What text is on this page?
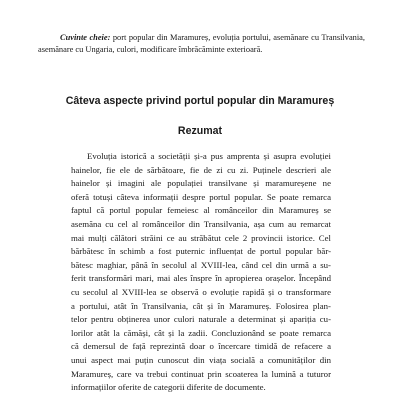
Cuvinte cheie: port popular din Maramureș, evoluția portului, asemănare cu Transilvania, asemănare cu Ungaria, culori, modificare îmbrăcăminte exterioară.

Câteva aspecte privind portul popular din Maramureș
Rezumat
Evoluția istorică a societății și-a pus amprenta și asupra evoluției
hainelor, fie ele de sărbătoare, fie de zi cu zi. Puținele descrieri ale
hainelor și imagini ale populației transilvane și maramureșene ne
oferă totuși câteva informații despre portul popular. Se poate remarca
faptul că portul popular femeiesc al românceilor din Maramureș se
asemăna cu cel al românceilor din Transilvania, așa cum au remarcat
mai mulți călători străini ce au străbătut cele 2 provincii istorice. Cel
bărbătesc în schimb a fost puternic influențat de portul popular băr-
bătesc maghiar, până în secolul al XVIII-lea, când cel din urmă a su-
ferit transformări mari, mai ales înspre în apropierea orașelor. Începând
cu secolul al XVIII-lea se observă o evoluție rapidă și o transformare
a portului, atât în Transilvania, cât și în Maramureș. Folosirea plan-
telor pentru obținerea unor culori naturale a determinat și apariția cu-
lorilor atât la cămăși, cât și la zadii. Concluzionând se poate remarca
că demersul de față reprezintă doar o încercare timidă de refacere a
unui aspect mai puțin cunoscut din viața socială a comunităților din
Maramureș, care va trebui continuat prin scoaterea la lumină a tuturor
informațiilor oferite de categorii diferite de documente.
